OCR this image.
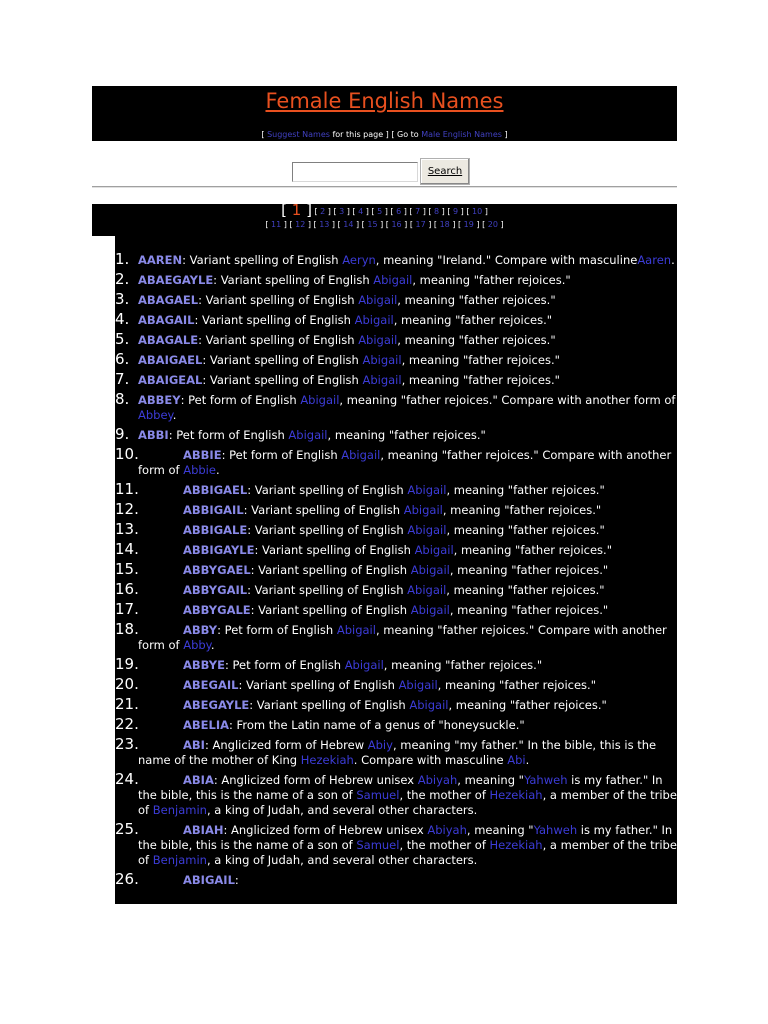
Female English Names
[ Suggest Names for this page ] [ Go to Male English Names ]
Search
[ 1 ] [ 2 ] [ 3 ] [ 4 ] [ 5 ] [ 6 ] [ 7 ] [ 8 ] [ 9 ] [ 10 ]
[ 11 ] [ 12 ] [ 13 ] [ 14 ] [ 15 ] [ 16 ] [ 17 ] [ 18 ] [ 19 ] [ 20 ]
1. AAREN: Variant spelling of English Aeryn, meaning "Ireland." Compare with masculineAaren.
2. ABAEGAYLE: Variant spelling of English Abigail, meaning "father rejoices."
3. ABAGAEL: Variant spelling of English Abigail, meaning "father rejoices."
4. ABAGAIL: Variant spelling of English Abigail, meaning "father rejoices."
5. ABAGALE: Variant spelling of English Abigail, meaning "father rejoices."
6. ABAIGAEL: Variant spelling of English Abigail, meaning "father rejoices."
7. ABAIGEAL: Variant spelling of English Abigail, meaning "father rejoices."
8. ABBEY: Pet form of English Abigail, meaning "father rejoices." Compare with another form of Abbey.
9. ABBI: Pet form of English Abigail, meaning "father rejoices."
10.	ABBIE: Pet form of English Abigail, meaning "father rejoices." Compare with another form of Abbie.
11.	ABBIGAEL: Variant spelling of English Abigail, meaning "father rejoices."
12.	ABBIGAIL: Variant spelling of English Abigail, meaning "father rejoices."
13.	ABBIGALE: Variant spelling of English Abigail, meaning "father rejoices."
14.	ABBIGAYLE: Variant spelling of English Abigail, meaning "father rejoices."
15.	ABBYGAEL: Variant spelling of English Abigail, meaning "father rejoices."
16.	ABBYGAIL: Variant spelling of English Abigail, meaning "father rejoices."
17.	ABBYGALE: Variant spelling of English Abigail, meaning "father rejoices."
18.	ABBY: Pet form of English Abigail, meaning "father rejoices." Compare with another form of Abby.
19.	ABBYE: Pet form of English Abigail, meaning "father rejoices."
20.	ABEGAIL: Variant spelling of English Abigail, meaning "father rejoices."
21.	ABEGAYLE: Variant spelling of English Abigail, meaning "father rejoices."
22.	ABELIA: From the Latin name of a genus of "honeysuckle."
23.	ABI: Anglicized form of Hebrew Abiy, meaning "my father." In the bible, this is the name of the mother of King Hezekiah. Compare with masculine Abi.
24.	ABIA: Anglicized form of Hebrew unisex Abiyah, meaning "Yahweh is my father." In the bible, this is the name of a son of Samuel, the mother of Hezekiah, a member of the tribe of Benjamin, a king of Judah, and several other characters.
25.	ABIAH: Anglicized form of Hebrew unisex Abiyah, meaning "Yahweh is my father." In the bible, this is the name of a son of Samuel, the mother of Hezekiah, a member of the tribe of Benjamin, a king of Judah, and several other characters.
26.	ABIGAIL:
